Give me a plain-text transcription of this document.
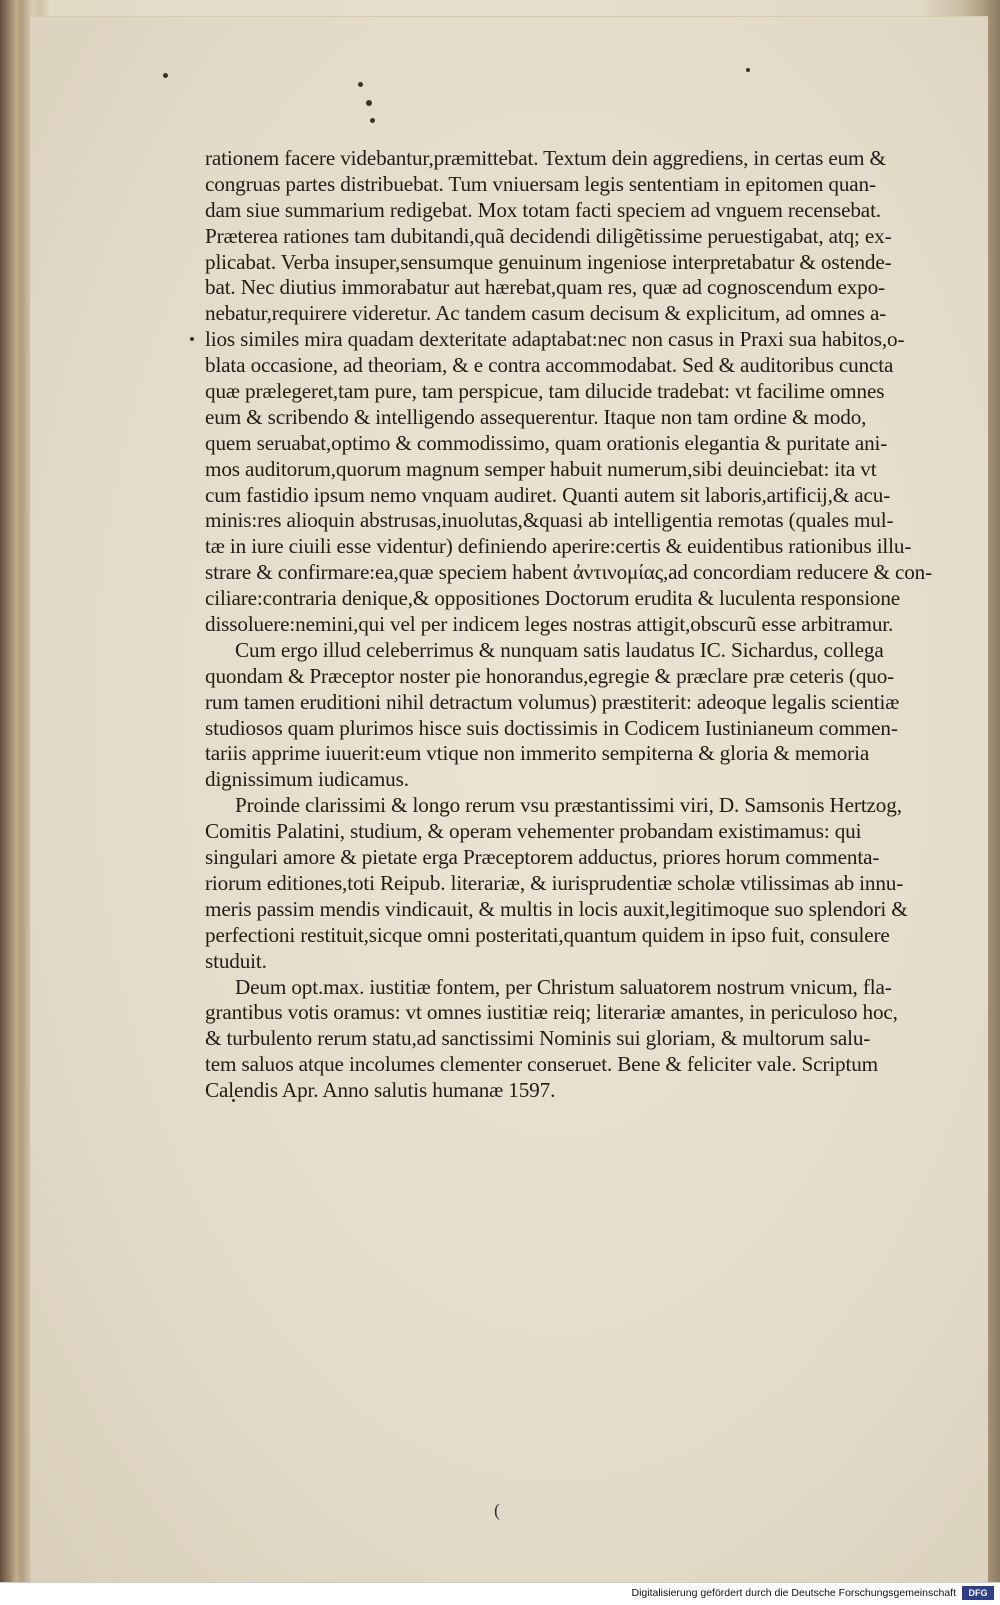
rationem facere videbantur,præmittebat. Textum dein aggrediens, in certas eum &
congruas partes distribuebat. Tum vniuersam legis sententiam in epitomen quan-
dam siue summarium redigebat. Mox totam facti speciem ad vnguem recensebat.
Præterea rationes tam dubitandi,quã decidendi diligẽtissime peruestigabat, atq; ex-
plicabat. Verba insuper,sensumque genuinum ingeniose interpretabatur & ostende-
bat. Nec diutius immorabatur aut hærebat,quam res, quæ ad cognoscendum expo-
nebatur,requirere videretur. Ac tandem casum decisum & explicitum, ad omnes a-
lios similes mira quadam dexteritate adaptabat:nec non casus in Praxi sua habitos,o-
blata occasione, ad theoriam, & e contra accommodabat. Sed & auditoribus cuncta
quæ prælegeret,tam pure, tam perspicue, tam dilucide tradebat: vt facilime omnes
eum & scribendo & intelligendo assequerentur. Itaque non tam ordine & modo,
quem seruabat,optimo & commodissimo, quam orationis elegantia & puritate ani-
mos auditorum,quorum magnum semper habuit numerum,sibi deuinciebat: ita vt
cum fastidio ipsum nemo vnquam audiret. Quanti autem sit laboris,artificij,& acu-
minis:res alioquin abstrusas,inuolutas,&quasi ab intelligentia remotas (quales mul-
tæ in iure ciuili esse videntur) definiendo aperire:certis & euidentibus rationibus illu-
strare & confirmare:ea,quæ speciem habent ἀντινομίας,ad concordiam reducere & con-
ciliare:contraria denique,& oppositiones Doctorum erudita & luculenta responsione
dissoluere:nemini,qui vel per indicem leges nostras attigit,obscurũ esse arbitramur.
Cum ergo illud celeberrimus & nunquam satis laudatus IC. Sichardus, collega
quondam & Præceptor noster pie honorandus,egregie & præclare præ ceteris (quo-
rum tamen eruditioni nihil detractum volumus) præstiterit: adeoque legalis scientiæ
studiosos quam plurimos hisce suis doctissimis in Codicem Iustinianeum commen-
tariis apprime iuuerit:eum vtique non immerito sempiterna & gloria & memoria
dignissimum iudicamus.
Proinde clarissimi & longo rerum vsu præstantissimi viri, D. Samsonis Hertzog,
Comitis Palatini, studium, & operam vehementer probandam existimamus: qui
singulari amore & pietate erga Præceptorem adductus, priores horum commenta-
riorum editiones,toti Reipub. literariæ, & iurisprudentiæ scholæ vtilissimas ab innu-
meris passim mendis vindicauit, & multis in locis auxit,legitimoque suo splendori &
perfectioni restituit,sicque omni posteritati,quantum quidem in ipso fuit, consulere
studuit.
Deum opt.max. iustitiæ fontem, per Christum saluatorem nostrum vnicum, fla-
grantibus votis oramus: vt omnes iustitiæ reiq; literariæ amantes, in periculoso hoc,
& turbulento rerum statu,ad sanctissimi Nominis sui gloriam, & multorum salu-
tem saluos atque incolumes clementer conseruet. Bene & feliciter vale. Scriptum
Calendis Apr. Anno salutis humanæ 1597.
(
Digitalisierung gefördert durch die Deutsche Forschungsgemeinschaft	DFG
